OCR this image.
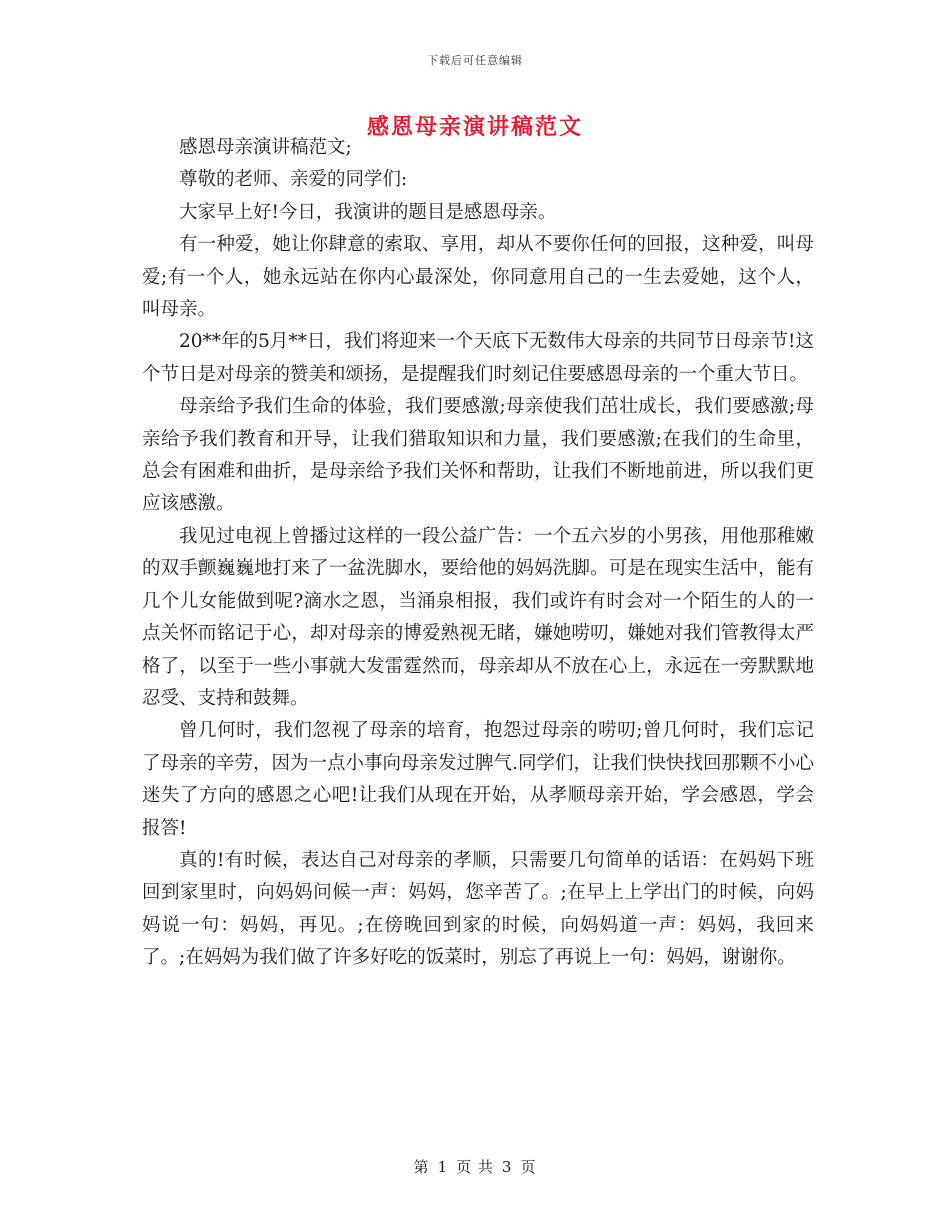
下载后可任意编辑
感恩母亲演讲稿范文

感恩母亲演讲稿范文;

尊敬的老师、亲爱的同学们:

大家早上好!今日，我演讲的题目是感恩母亲。

有一种爱，她让你肆意的索取、享用，却从不要你任何的回报，这种爱，叫母爱;有一个人，她永远站在你内心最深处，你同意用自己的一生去爱她，这个人，叫母亲。

20**年的5月**日，我们将迎来一个天底下无数伟大母亲的共同节日母亲节!这个节日是对母亲的赞美和颂扬，是提醒我们时刻记住要感恩母亲的一个重大节日。

母亲给予我们生命的体验，我们要感激;母亲使我们茁壮成长，我们要感激;母亲给予我们教育和开导，让我们猎取知识和力量，我们要感激;在我们的生命里，总会有困难和曲折，是母亲给予我们关怀和帮助，让我们不断地前进，所以我们更应该感激。

我见过电视上曾播过这样的一段公益广告：一个五六岁的小男孩，用他那稚嫩的双手颤巍巍地打来了一盆洗脚水，要给他的妈妈洗脚。可是在现实生活中，能有几个儿女能做到呢?滴水之恩，当涌泉相报，我们或许有时会对一个陌生的人的一点关怀而铭记于心，却对母亲的博爱熟视无睹，嫌她唠叨，嫌她对我们管教得太严格了，以至于一些小事就大发雷霆然而，母亲却从不放在心上，永远在一旁默默地忍受、支持和鼓舞。

曾几何时，我们忽视了母亲的培育，抱怨过母亲的唠叨;曾几何时，我们忘记了母亲的辛劳，因为一点小事向母亲发过脾气.同学们，让我们快快找回那颗不小心迷失了方向的感恩之心吧!让我们从现在开始，从孝顺母亲开始，学会感恩，学会报答!

真的!有时候，表达自己对母亲的孝顺，只需要几句简单的话语：在妈妈下班回到家里时，向妈妈问候一声：妈妈，您辛苦了。;在早上上学出门的时候，向妈妈说一句：妈妈，再见。;在傍晚回到家的时候，向妈妈道一声：妈妈，我回来了。;在妈妈为我们做了许多好吃的饭菜时，别忘了再说上一句：妈妈，谢谢你。

第 1 页 共 3 页
